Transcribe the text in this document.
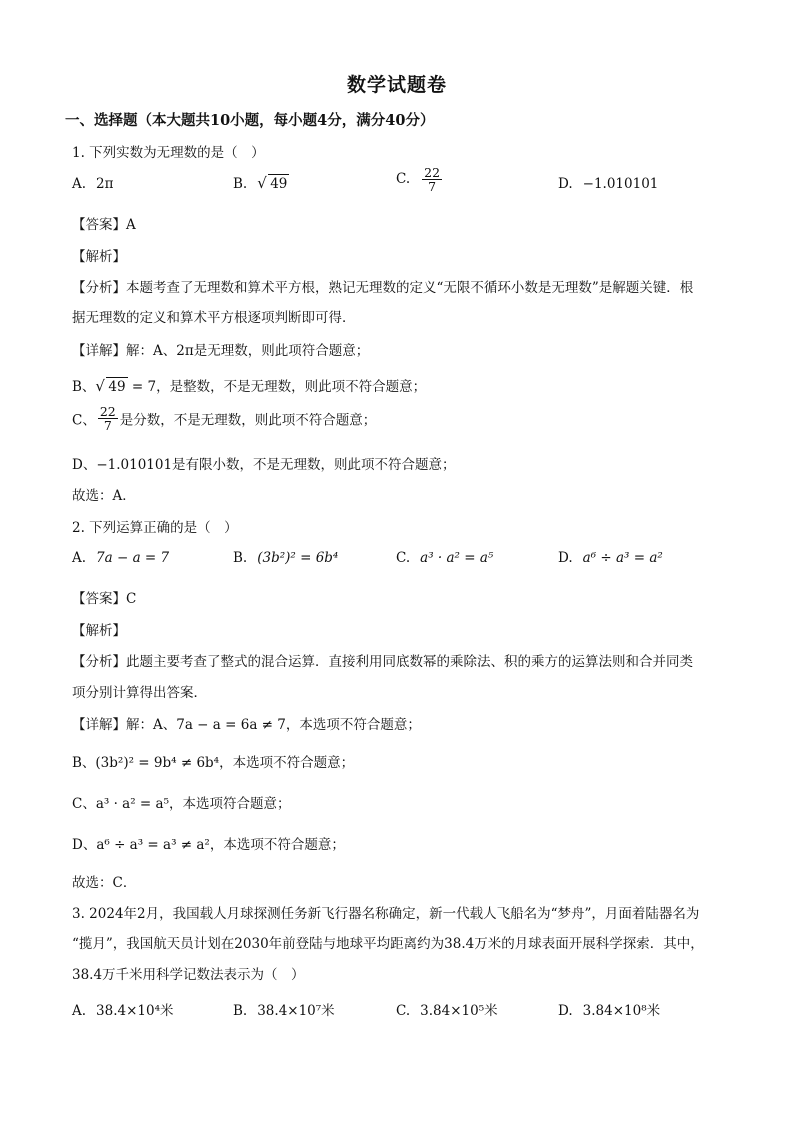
数学试题卷
一、选择题（本大题共10小题，每小题4分，满分40分）
1. 下列实数为无理数的是（　）
A. 2π	B. √ 49	C. $\frac{22}{7}$	D. −1.010101
【答案】A
【解析】
【分析】本题考查了无理数和算术平方根，熟记无理数的定义“无限不循环小数是无理数”是解题关键．根
据无理数的定义和算术平方根逐项判断即可得．
【详解】解：A、2π是无理数，则此项符合题意；
B、 √ 49 = 7，是整数，不是无理数，则此项不符合题意；
C、 $\frac{22}{7}$ 是分数，不是无理数，则此项不符合题意；
D、−1.010101是有限小数，不是无理数，则此项不符合题意；
故选：A．
2. 下列运算正确的是（　）
A. 7a − a = 7	B. (3b²)² = 6b⁴	C. a³ · a² = a⁵	D. a⁶ ÷ a³ = a²
【答案】C
【解析】
【分析】此题主要考查了整式的混合运算．直接利用同底数幂的乘除法、积的乘方的运算法则和合并同类
项分别计算得出答案．
【详解】解：A、7a − a = 6a ≠ 7，本选项不符合题意；
B、(3b²)² = 9b⁴ ≠ 6b⁴，本选项不符合题意；
C、a³ · a² = a⁵，本选项符合题意；
D、a⁶ ÷ a³ = a³ ≠ a²，本选项不符合题意；
故选：C．
3. 2024年2月，我国载人月球探测任务新飞行器名称确定，新一代载人飞船名为“梦舟”，月面着陆器名为
“揽月”，我国航天员计划在2030年前登陆与地球平均距离约为38.4万米的月球表面开展科学探索．其中，
38.4万千米用科学记数法表示为（　）
A. 38.4×10⁴米	B. 38.4×10⁷米	C. 3.84×10⁵米	D. 3.84×10⁸米
